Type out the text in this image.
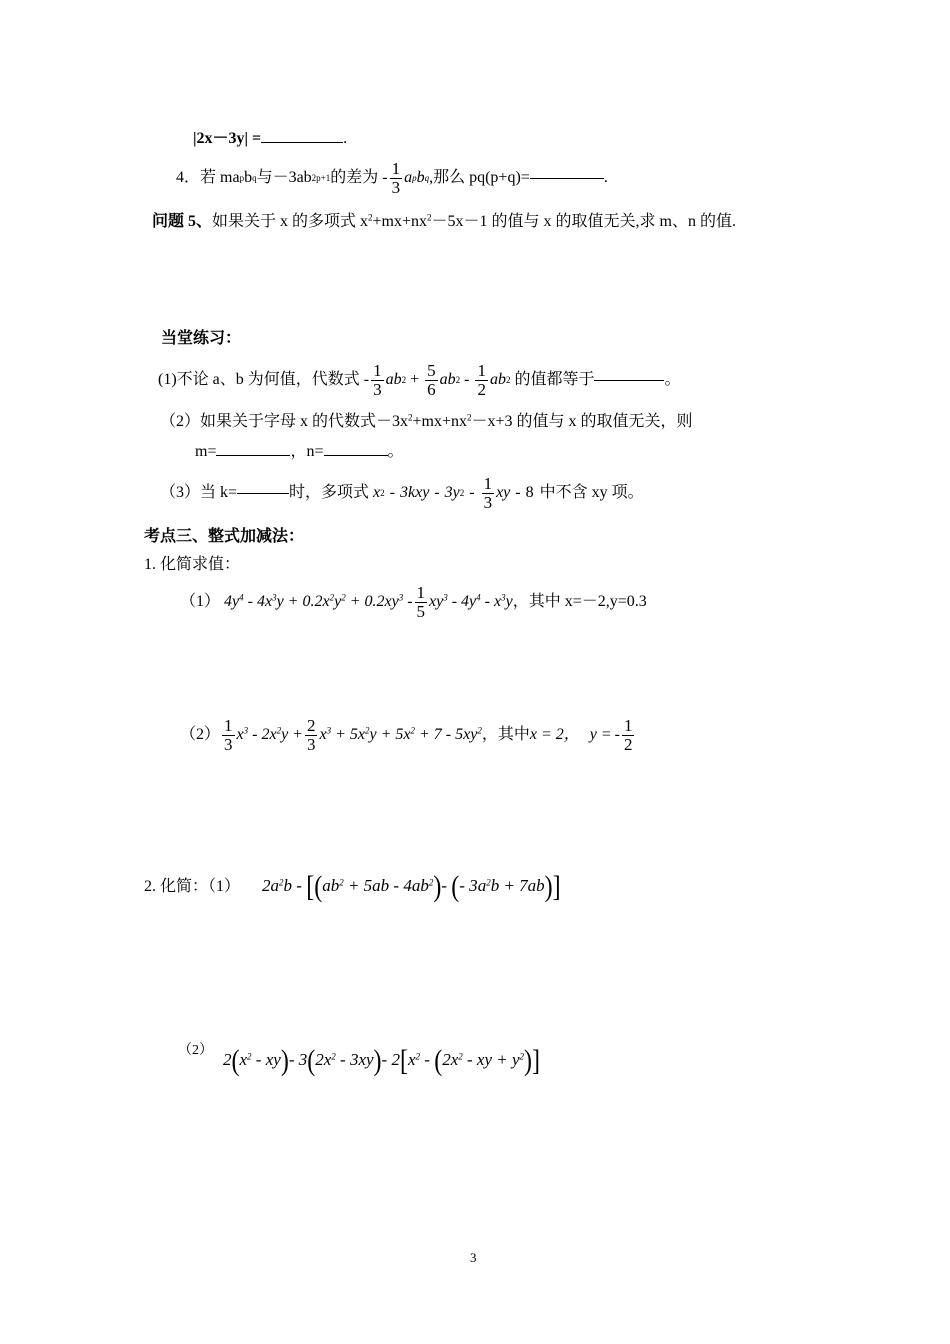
|2x－3y| =	.
4．若 ma p b q 与－3ab 2p+1 的差为 - $\frac{1}{3}$ a p b q ,那么 pq(p+q)=	.
问题 5、如果关于 x 的多项式 $x^2+mx+nx^2-5x-1$ 的值与 x 的取值无关,求 m、n 的值.
当堂练习：
(1)不论 a、b 为何值，代数式 - $\frac{1}{3}$ ab $2 + \frac{5}{6}$ ab $2 - \frac{1}{2}$ ab 2 的值都等于	。
（2）如果关于字母 x 的代数式$-3x^2+mx+nx^2-x+3$ 的值与 x 的取值无关，则
m=	，n=	。
（3）当 k=	时，多项式 x 2 - 3kxy - 3y $2 - \frac{1}{3}$ xy - 8 中不含 xy 项。
考点三、整式加减法：
1. 化简求值：
（1） $4y^4 - 4x^3y + 0.2x^2y^2 + 0.2xy^3 - \frac{1}{5} xy^3 - 4y^4 - x^3y$ ，其中 x=－2,y=0.3
$(2) \frac{1}{3} x^3 - 2x^2y + \frac{2}{3} x^3 + 5x^2y + 5x^2 + 7 - 5xy^2$ ，其中 x = 2， y = - $\frac{1}{2}$
2. 化简：（1） $2a^2b - [(ab^2 + 5ab - 4ab^2)-$ (- $3a^2b + 7ab$)]
（2） $2(x^2 - xy)-$ $3(2x^2 - 3xy)-$ $2[x^2 - (2x^2$ - xy + $y^2$)]
3
